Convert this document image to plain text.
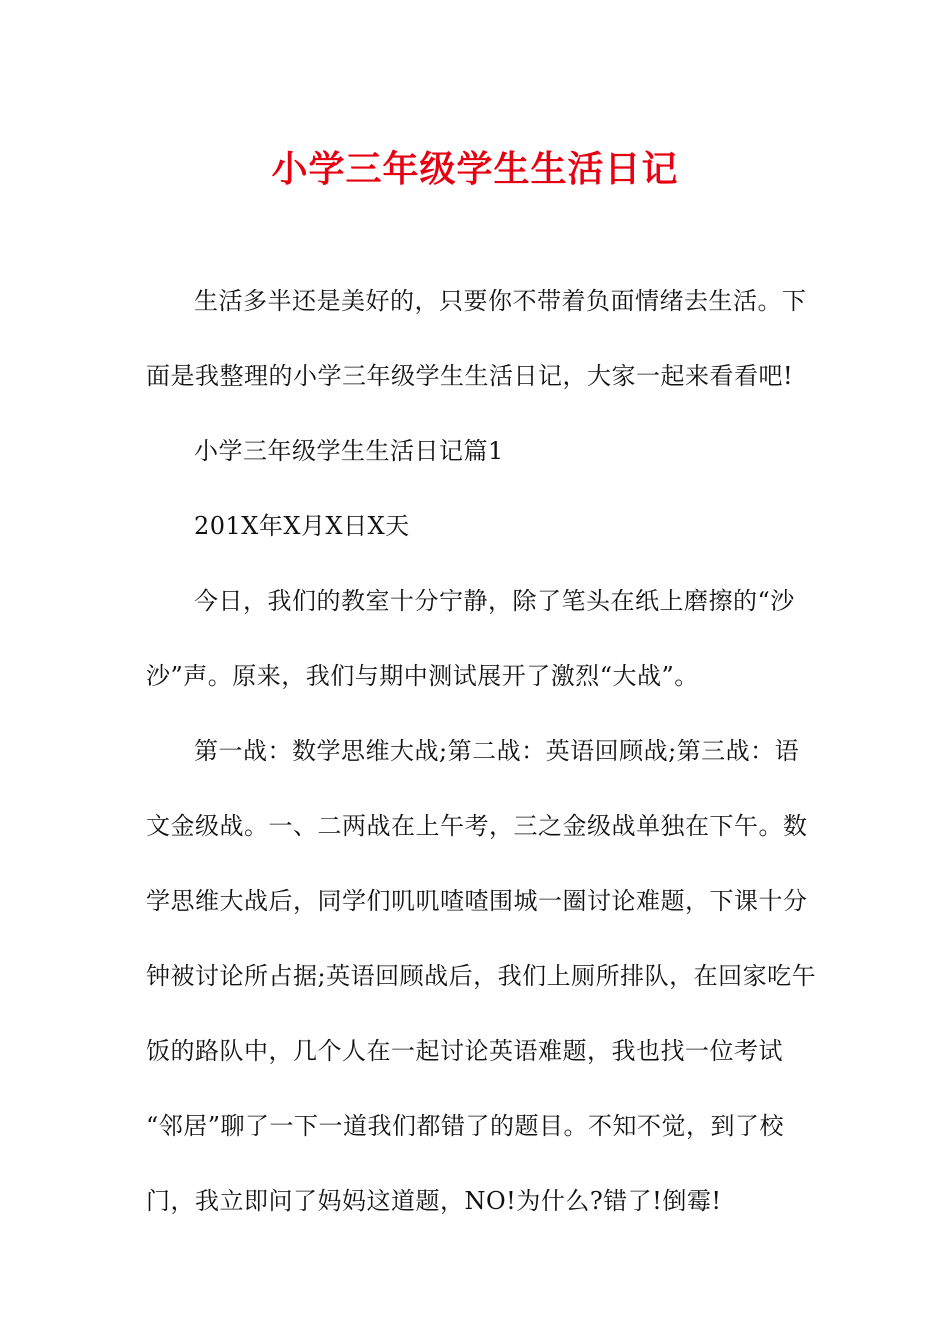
小学三年级学生生活日记
生活多半还是美好的，只要你不带着负面情绪去生活。下
面是我整理的小学三年级学生生活日记，大家一起来看看吧!
小学三年级学生生活日记篇1
201X年X月X日X天
今日，我们的教室十分宁静，除了笔头在纸上磨擦的“沙
沙”声。原来，我们与期中测试展开了激烈“大战”。
第一战：数学思维大战;第二战：英语回顾战;第三战：语
文金级战。一、二两战在上午考，三之金级战单独在下午。数
学思维大战后，同学们叽叽喳喳围城一圈讨论难题，下课十分
钟被讨论所占据;英语回顾战后，我们上厕所排队，在回家吃午
饭的路队中，几个人在一起讨论英语难题，我也找一位考试
“邻居”聊了一下一道我们都错了的题目。不知不觉，到了校
门，我立即问了妈妈这道题，NO!为什么?错了!倒霉!
